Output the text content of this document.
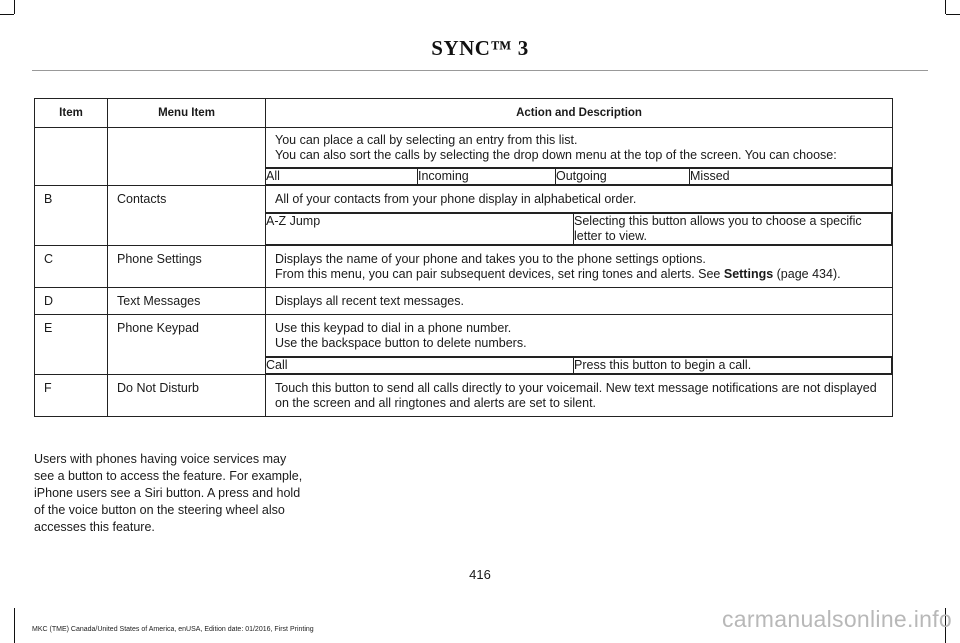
SYNC™ 3
Item	Menu Item	Action and Description

You can place a call by selecting an entry from this list.
You can also sort the calls by selecting the drop down menu at the top of the screen. You can choose:

All	Incoming	Outgoing	Missed

B	Contacts	All of your contacts from your phone display in alphabetical order.

A-Z Jump	Selecting this button allows you to choose a specific letter to view.

C	Phone Settings	Displays the name of your phone and takes you to the phone settings options.
From this menu, you can pair subsequent devices, set ring tones and alerts. See Settings (page 434).

D	Text Messages	Displays all recent text messages.

E	Phone Keypad	Use this keypad to dial in a phone number.
Use the backspace button to delete numbers.

Call	Press this button to begin a call.

F	Do Not Disturb	Touch this button to send all calls directly to your voicemail. New text message notifications are not displayed on the screen and all ringtones and alerts are set to silent.
Users with phones having voice services may see a button to access the feature. For example, iPhone users see a Siri button. A press and hold of the voice button on the steering wheel also accesses this feature.
416
MKC (TME) Canada/United States of America, enUSA, Edition date: 01/2016, First Printing	carmanualsonline.info
